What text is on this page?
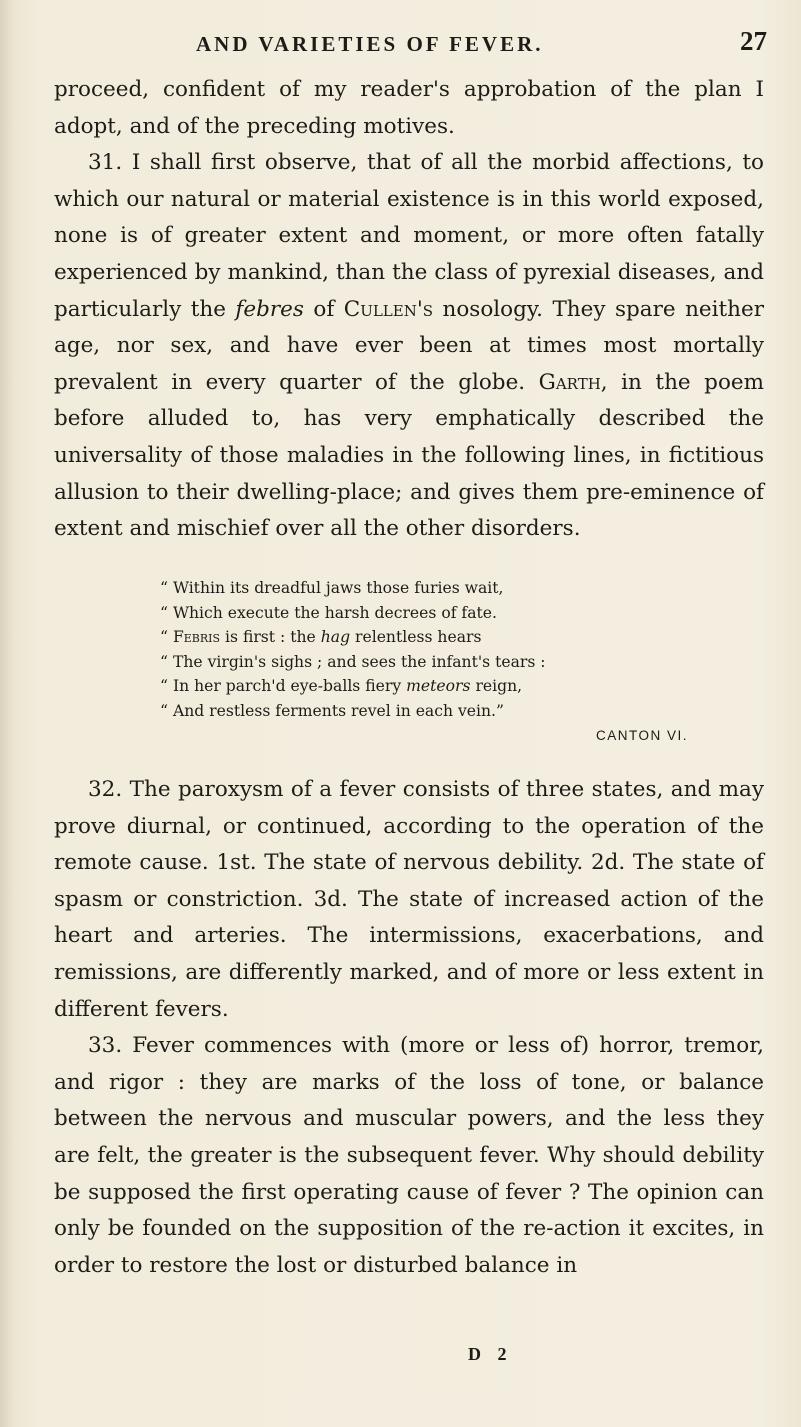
AND VARIETIES OF FEVER.	27

proceed, confident of my reader's approbation of the plan I adopt, and of the preceding motives.

31. I shall first observe, that of all the morbid affections, to which our natural or material existence is in this world exposed, none is of greater extent and moment, or more often fatally experienced by mankind, than the class of pyrexial diseases, and particularly the febres of Cullen's nosology. They spare neither age, nor sex, and have ever been at times most mortally prevalent in every quarter of the globe. Garth, in the poem before alluded to, has very emphatically described the universality of those maladies in the following lines, in fictitious allusion to their dwelling-place; and gives them pre-eminence of extent and mischief over all the other disorders.

“ Within its dreadful jaws those furies wait,
“ Which execute the harsh decrees of fate.
“ Febris is first : the hag relentless hears
“ The virgin's sighs ; and sees the infant's tears :
“ In her parch'd eye-balls fiery meteors reign,
“ And restless ferments revel in each vein.”
CANTON VI.

32. The paroxysm of a fever consists of three states, and may prove diurnal, or continued, according to the operation of the remote cause. 1st. The state of nervous debility. 2d. The state of spasm or constriction. 3d. The state of increased action of the heart and arteries. The intermissions, exacerbations, and remissions, are differently marked, and of more or less extent in different fevers.

33. Fever commences with (more or less of) horror, tremor, and rigor : they are marks of the loss of tone, or balance between the nervous and muscular powers, and the less they are felt, the greater is the subsequent fever. Why should debility be supposed the first operating cause of fever ? The opinion can only be founded on the supposition of the re-action it excites, in order to restore the lost or disturbed balance in

D 2
